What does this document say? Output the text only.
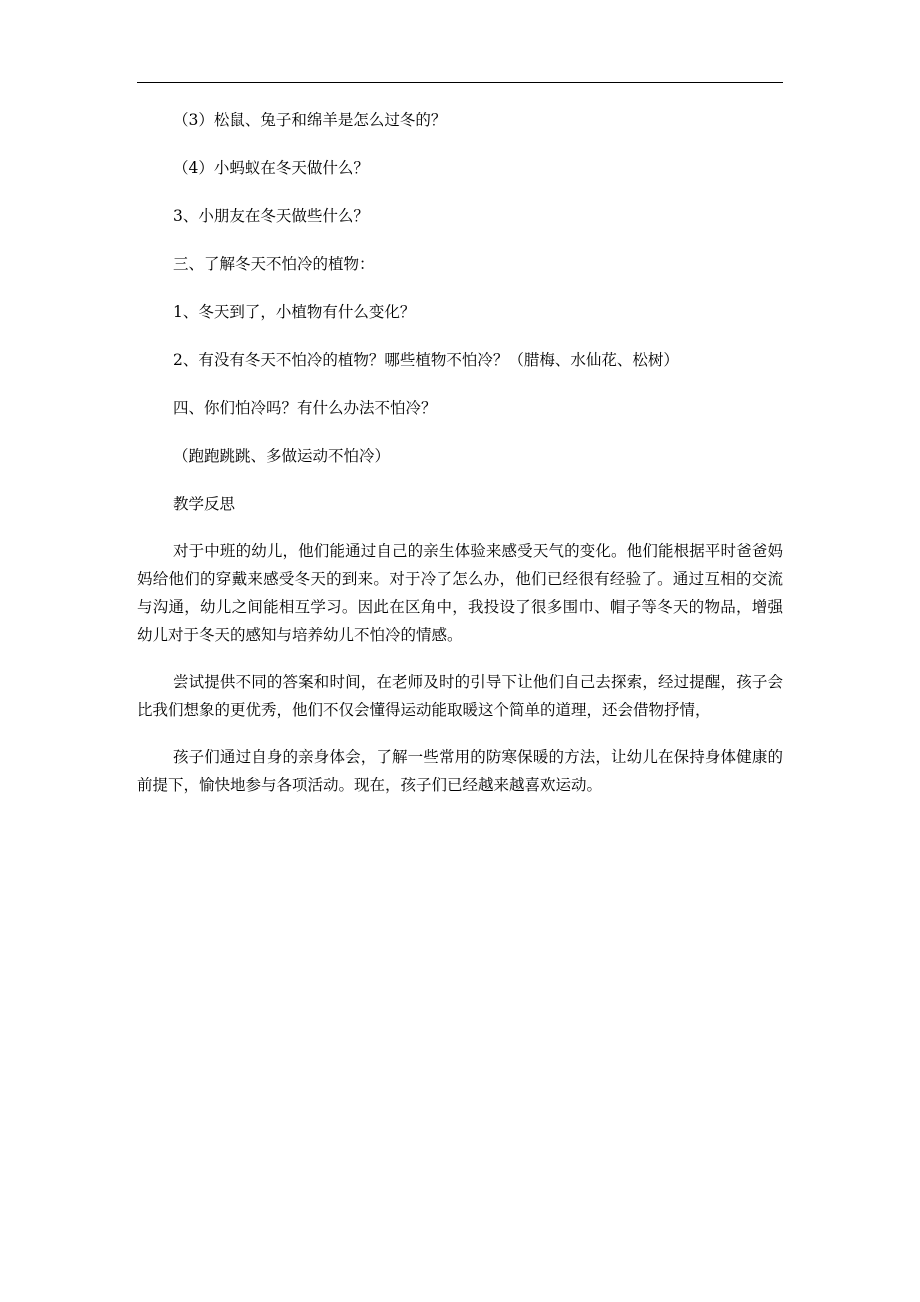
（3）松鼠、兔子和绵羊是怎么过冬的？

（4）小蚂蚁在冬天做什么？

3、小朋友在冬天做些什么？

三、了解冬天不怕冷的植物：

1、冬天到了，小植物有什么变化？

2、有没有冬天不怕冷的植物？哪些植物不怕冷？（腊梅、水仙花、松树）

四、你们怕冷吗？有什么办法不怕冷？

（跑跑跳跳、多做运动不怕冷）

教学反思

对于中班的幼儿，他们能通过自己的亲生体验来感受天气的变化。他们能根据平时爸爸妈妈给他们的穿戴来感受冬天的到来。对于冷了怎么办，他们已经很有经验了。通过互相的交流与沟通，幼儿之间能相互学习。因此在区角中，我投设了很多围巾、帽子等冬天的物品，增强幼儿对于冬天的感知与培养幼儿不怕冷的情感。

尝试提供不同的答案和时间，在老师及时的引导下让他们自己去探索，经过提醒，孩子会比我们想象的更优秀，他们不仅会懂得运动能取暖这个简单的道理，还会借物抒情，

孩子们通过自身的亲身体会，了解一些常用的防寒保暖的方法，让幼儿在保持身体健康的前提下，愉快地参与各项活动。现在，孩子们已经越来越喜欢运动。
